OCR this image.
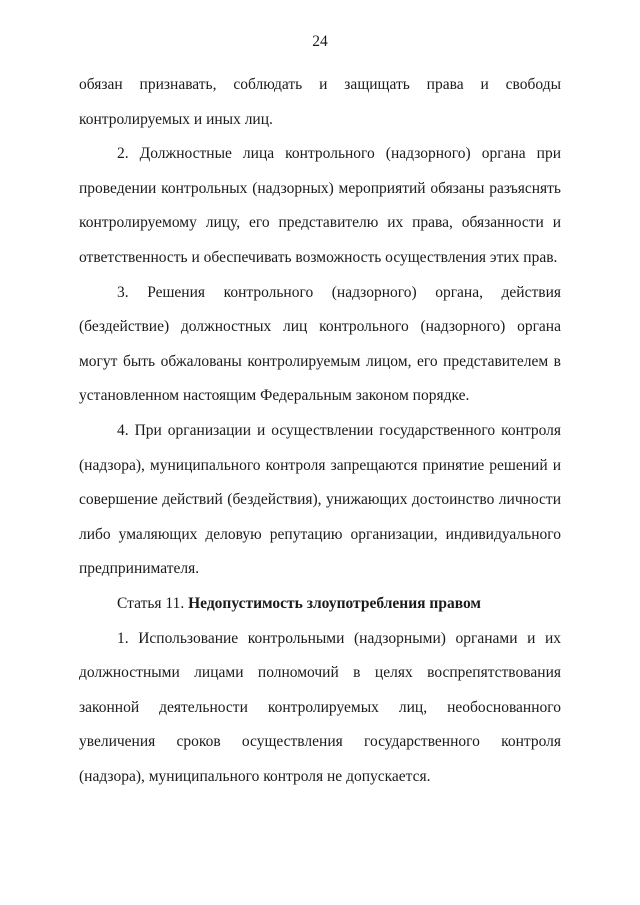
24

обязан признавать, соблюдать и защищать права и свободы контролируемых и иных лиц.

2. Должностные лица контрольного (надзорного) органа при проведении контрольных (надзорных) мероприятий обязаны разъяснять контролируемому лицу, его представителю их права, обязанности и ответственность и обеспечивать возможность осуществления этих прав.

3. Решения контрольного (надзорного) органа, действия (бездействие) должностных лиц контрольного (надзорного) органа могут быть обжалованы контролируемым лицом, его представителем в установленном настоящим Федеральным законом порядке.

4. При организации и осуществлении государственного контроля (надзора), муниципального контроля запрещаются принятие решений и совершение действий (бездействия), унижающих достоинство личности либо умаляющих деловую репутацию организации, индивидуального предпринимателя.

Статья 11. Недопустимость злоупотребления правом

1. Использование контрольными (надзорными) органами и их должностными лицами полномочий в целях воспрепятствования законной деятельности контролируемых лиц, необоснованного увеличения сроков осуществления государственного контроля (надзора), муниципального контроля не допускается.
